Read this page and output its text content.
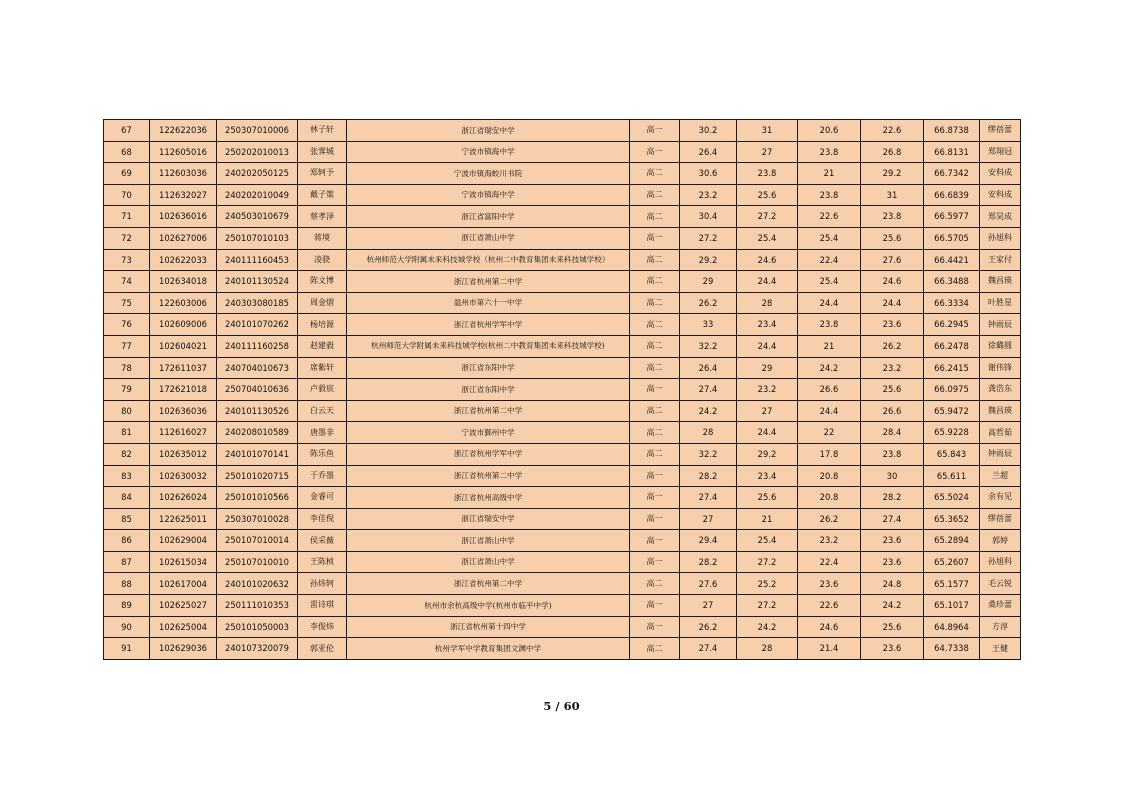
67	122622036	250307010006	林子轩	浙江省瑞安中学	高一	30.2	31	20.6	22.6	66.8738	缪蓓蕾
68	112605016	250202010013	张霁城	宁波市镇海中学	高一	26.4	27	23.8	26.8	66.8131	郑翔冠
69	112603036	240202050125	郑轲予	宁波市镇海蛟川书院	高二	30.6	23.8	21	29.2	66.7342	安科成
70	112632027	240202010049	戴子策	宁波市镇海中学	高二	23.2	25.6	23.8	31	66.6839	安科成
71	102636016	240503010679	蔡孝泽	浙江省富阳中学	高二	30.4	27.2	22.6	23.8	66.5977	郑昊成
72	102627006	250107010103	蒋境	浙江省萧山中学	高一	27.2	25.4	25.4	25.6	66.5705	孙旭科
73	102622033	240111160453	凌骁	杭州师范大学附属未来科技城学校（杭州二中教育集团未来科技城学校）	高二	29.2	24.6	22.4	27.6	66.4421	王家付
74	102634018	240101130524	陈文博	浙江省杭州第二中学	高二	29	24.4	25.4	24.6	66.3488	魏昌瑛
75	122603006	240303080185	周金熠	温州市第六十一中学	高二	26.2	28	24.4	24.4	66.3334	叶胜星
76	102609006	240101070262	杨培源	浙江省杭州学军中学	高二	33	23.4	23.8	23.6	66.2945	钟雨辰
77	102604021	240111160258	赵建毅	杭州师范大学附属未来科技城学校(杭州二中教育集团未来科技城学校)	高二	32.2	24.4	21	26.2	66.2478	徐璐圆
78	172611037	240704010673	席紫轩	浙江省东阳中学	高二	26.4	29	24.2	23.2	66.2415	谢伟锋
79	172621018	250704010636	卢毅宸	浙江省东阳中学	高一	27.4	23.2	26.6	25.6	66.0975	龚浩东
80	102636036	240101130526	白云天	浙江省杭州第二中学	高二	24.2	27	24.4	26.6	65.9472	魏昌瑛
81	112616027	240208010589	唐墨非	宁波市鄞州中学	高二	28	24.4	22	28.4	65.9228	高哲茹
82	102635012	240101070141	陈乐鱼	浙江省杭州学军中学	高二	32.2	29.2	17.8	23.8	65.843	钟雨辰
83	102630032	250101020715	于乔墨	浙江省杭州第二中学	高一	28.2	23.4	20.8	30	65.611	兰超
84	102626024	250101010566	金睿可	浙江省杭州高级中学	高一	27.4	25.6	20.8	28.2	65.5024	余有见
85	122625011	250307010028	李佳倪	浙江省瑞安中学	高一	27	21	26.2	27.4	65.3652	缪蓓蕾
86	102629004	250107010014	侯采薇	浙江省萧山中学	高一	29.4	25.4	23.2	23.6	65.2894	郭婷
87	102615034	250107010010	王陈桢	浙江省萧山中学	高一	28.2	27.2	22.4	23.6	65.2607	孙旭科
88	102617004	240101020632	孙炜轲	浙江省杭州第二中学	高二	27.6	25.2	23.6	24.8	65.1577	毛云锐
89	102625027	250111010353	雷诗琪	杭州市余杭高级中学(杭州市临平中学)	高一	27	27.2	22.6	24.2	65.1017	桑珍蕾
90	102625004	250101050003	李俊炜	浙江省杭州第十四中学	高一	26.2	24.2	24.6	25.6	64.8964	方淳
91	102629036	240107320079	郭亚伦	杭州学军中学教育集团文渊中学	高二	27.4	28	21.4	23.6	64.7338	王健
5 / 60
